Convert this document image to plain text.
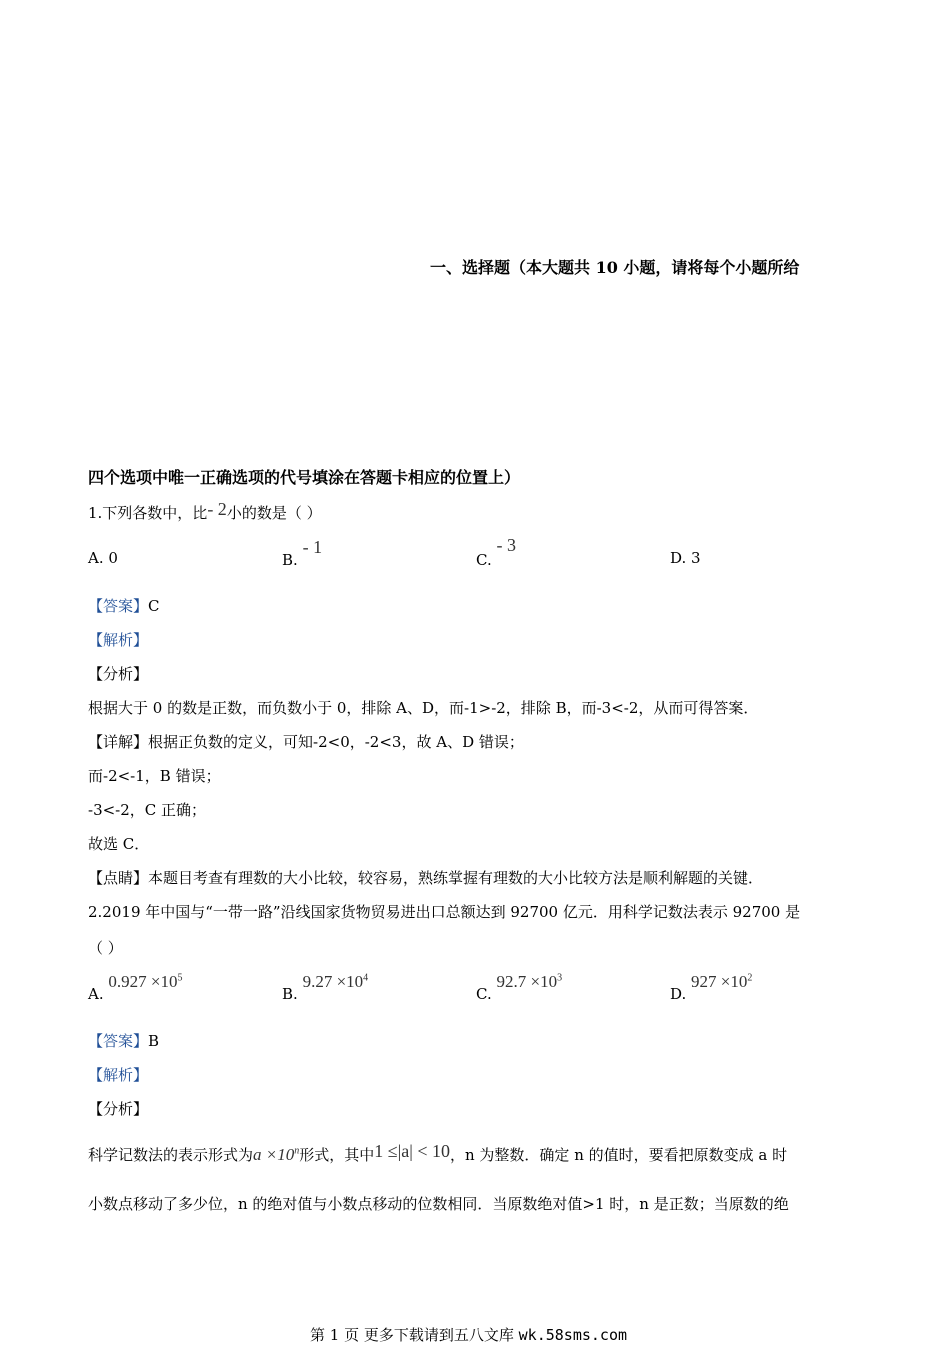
一、选择题（本大题共 10 小题，请将每个小题所给
四个选项中唯一正确选项的代号填涂在答题卡相应的位置上）
1.下列各数中，比- 2小的数是（ ）
A. 0	B. - 1
C. - 3
D. 3
【答案】C
【解析】
【分析】
根据大于 0 的数是正数，而负数小于 0，排除 A、D，而-1>-2，排除 B，而-3<-2，从而可得答案．
【详解】根据正负数的定义，可知-2<0，-2<3，故 A、D 错误；
而-2<-1，B 错误；
-3<-2，C 正确；
故选 C．
【点睛】本题目考查有理数的大小比较，较容易，熟练掌握有理数的大小比较方法是顺利解题的关键．
2.2019 年中国与“一带一路”沿线国家货物贸易进出口总额达到 92700 亿元．用科学记数法表示 92700 是
（ ）
A. $0.927 \times 10^5$
B. $9.27 \times 10^4$
C. $92.7 \times 10^3$
D. $927 \times 10^2$
【答案】B
【解析】
【分析】
科学记数法的表示形式为$a \times 10^n$形式，其中1 ≤|a| < 10，n 为整数．确定 n 的值时，要看把原数变成 a 时
小数点移动了多少位，n 的绝对值与小数点移动的位数相同．当原数绝对值>1 时，n 是正数；当原数的绝
第 1 页 更多下载请到五八文库 wk.58sms.com
